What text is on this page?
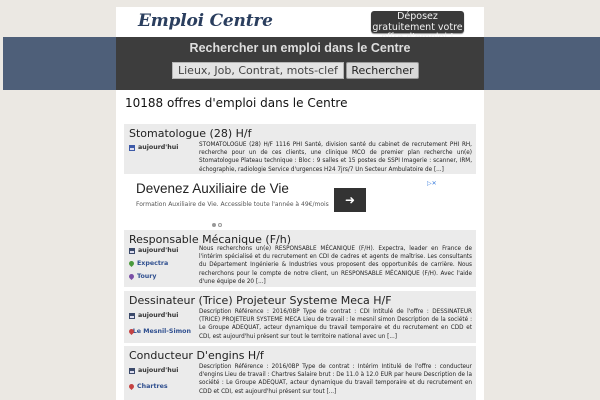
Emploi Centre	Déposez gratuitement votre
Rechercher un emploi dans le Centre
Lieux, Job, Contrat, mots-clefs, ...
Rechercher
10188 offres d'emploi dans le Centre
Stomatologue (28) H/f
aujourd'hui	STOMATOLOGUE (28) H/F 1116 PHI Santé, division santé du cabinet de recrutement PHI RH, recherche pour un de ces clients, une clinique MCO de premier plan recherche un(e) Stomatologue Plateau technique : Bloc : 9 salles et 15 postes de SSPI Imagerie : scanner, IRM, échographie, radiologie Service d'urgences H24 7jrs/7 Un Secteur Ambulatoire de [...]
Devenez Auxiliaire de Vie
Formation Auxiliaire de Vie. Accessible toute l'année à 49€/mois	➜
▷✕
Responsable Mécanique (F/h)
aujourd'hui
Expectra
Toury
Nous recherchons un(e) RESPONSABLE MÉCANIQUE (F/H). Expectra, leader en France de l'intérim spécialisé et du recrutement en CDI de cadres et agents de maîtrise. Les consultants du Département Ingénierie & Industries vous proposent des opportunités de carrière. Nous recherchons pour le compte de notre client, un RESPONSABLE MÉCANIQUE (F/H). Avec l'aide d'une équipe de 20 [...]
Dessinateur (Trice) Projeteur Systeme Meca H/F
aujourd'hui
Le Mesnil-Simon
Description Référence : 2016/0BP Type de contrat : CDI Intitulé de l'offre : DESSINATEUR (TRICE) PROJETEUR SYSTEME MECA Lieu de travail : le mesnil simon Description de la société : Le Groupe ADEQUAT, acteur dynamique du travail temporaire et du recrutement en CDD et CDI, est aujourd'hui présent sur tout le territoire national avec un [...]
Conducteur D'engins H/f
aujourd'hui
Chartres
Description Référence : 2016/0BP Type de contrat : Intérim Intitulé de l'offre : conducteur d'engins Lieu de travail : Chartres Salaire brut : De 11.0 à 12.0 EUR par heure Description de la société : Le Groupe ADEQUAT, acteur dynamique du travail temporaire et du recrutement en CDD et CDI, est aujourd'hui présent sur tout [...]
